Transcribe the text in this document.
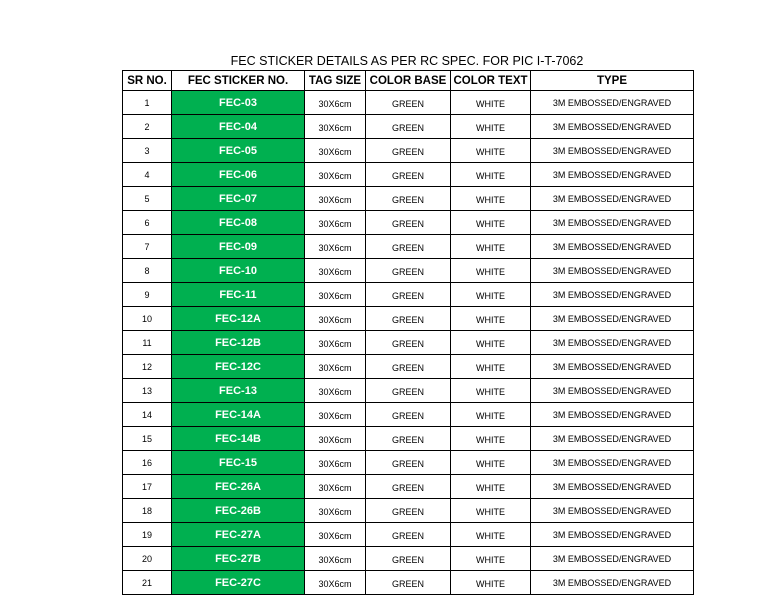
FEC STICKER DETAILS AS PER RC SPEC. FOR PIC I-T-7062
SR NO.	FEC STICKER NO.	TAG SIZE	COLOR BASE	COLOR TEXT	TYPE
1	FEC-03	30X6cm	GREEN	WHITE	3M EMBOSSED/ENGRAVED
2	FEC-04	30X6cm	GREEN	WHITE	3M EMBOSSED/ENGRAVED
3	FEC-05	30X6cm	GREEN	WHITE	3M EMBOSSED/ENGRAVED
4	FEC-06	30X6cm	GREEN	WHITE	3M EMBOSSED/ENGRAVED
5	FEC-07	30X6cm	GREEN	WHITE	3M EMBOSSED/ENGRAVED
6	FEC-08	30X6cm	GREEN	WHITE	3M EMBOSSED/ENGRAVED
7	FEC-09	30X6cm	GREEN	WHITE	3M EMBOSSED/ENGRAVED
8	FEC-10	30X6cm	GREEN	WHITE	3M EMBOSSED/ENGRAVED
9	FEC-11	30X6cm	GREEN	WHITE	3M EMBOSSED/ENGRAVED
10	FEC-12A	30X6cm	GREEN	WHITE	3M EMBOSSED/ENGRAVED
11	FEC-12B	30X6cm	GREEN	WHITE	3M EMBOSSED/ENGRAVED
12	FEC-12C	30X6cm	GREEN	WHITE	3M EMBOSSED/ENGRAVED
13	FEC-13	30X6cm	GREEN	WHITE	3M EMBOSSED/ENGRAVED
14	FEC-14A	30X6cm	GREEN	WHITE	3M EMBOSSED/ENGRAVED
15	FEC-14B	30X6cm	GREEN	WHITE	3M EMBOSSED/ENGRAVED
16	FEC-15	30X6cm	GREEN	WHITE	3M EMBOSSED/ENGRAVED
17	FEC-26A	30X6cm	GREEN	WHITE	3M EMBOSSED/ENGRAVED
18	FEC-26B	30X6cm	GREEN	WHITE	3M EMBOSSED/ENGRAVED
19	FEC-27A	30X6cm	GREEN	WHITE	3M EMBOSSED/ENGRAVED
20	FEC-27B	30X6cm	GREEN	WHITE	3M EMBOSSED/ENGRAVED
21	FEC-27C	30X6cm	GREEN	WHITE	3M EMBOSSED/ENGRAVED
